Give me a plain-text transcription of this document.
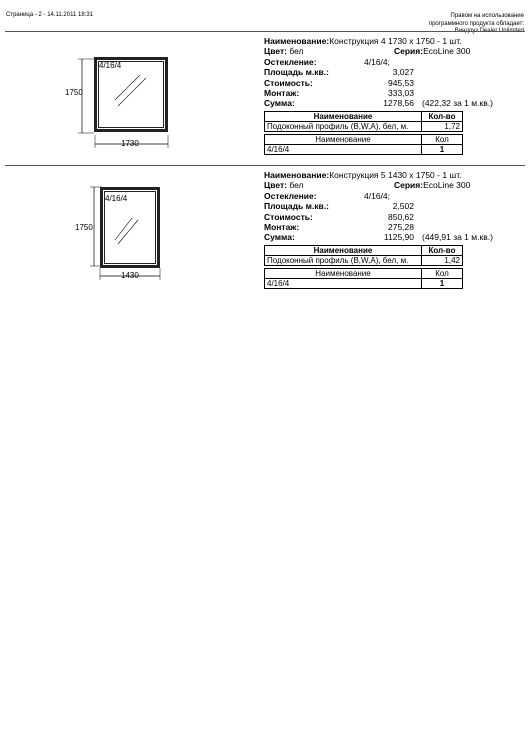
Страница - 2 - 14.11.2011 18:31	Правом на использование
программного продукта обладает:
Виндоуз Dealer Unlimited
4/16/4
1750
1730
Наименование:Конструкция 4 1730 х 1750 - 1 шт.
Цвет: бел	Серия:EcoLine 300
Остекление:	4/16/4;
Площадь м.кв.:	3,027
Стоимость:	945,53
Монтаж:	333,03
Сумма:	1278,56 (422,32 за 1 м.кв.)
Наименование	Кол-во
Подоконный профиль (B,W,A), бел, м.	1,72
Наименование	Кол
4/16/4	1
4/16/4
1750
1430
Наименование:Конструкция 5 1430 х 1750 - 1 шт.
Цвет: бел	Серия:EcoLine 300
Остекление:	4/16/4;
Площадь м.кв.:	2,502
Стоимость:	850,62
Монтаж:	275,28
Сумма:	1125,90 (449,91 за 1 м.кв.)
Наименование	Кол-во
Подоконный профиль (B,W,A), бел, м.	1,42
Наименование	Кол
4/16/4	1
